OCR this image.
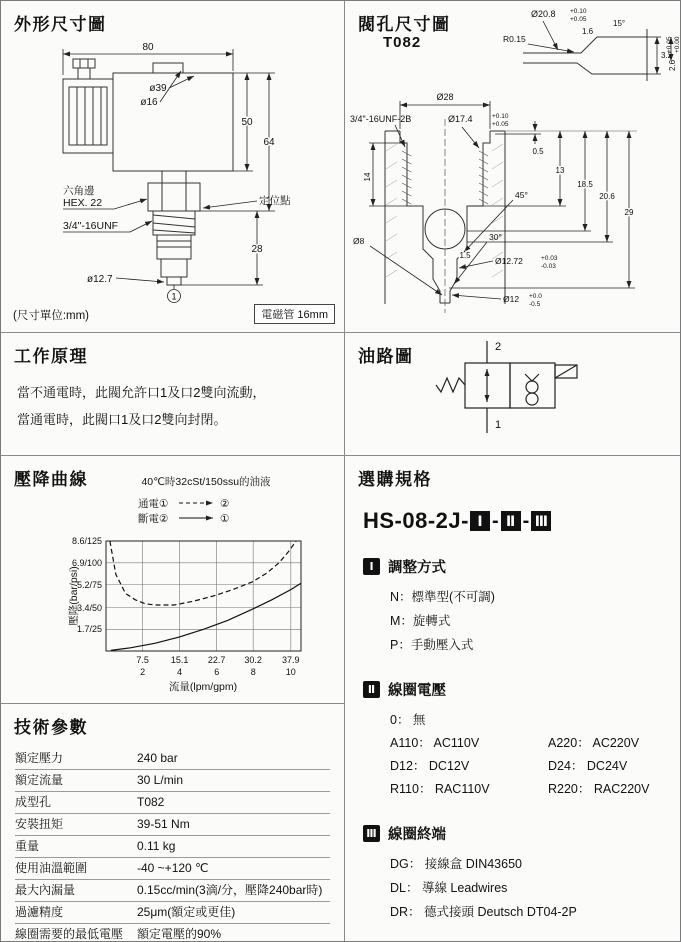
外形尺寸圖
80
ø39
ø16
50
64
28
六角邊
HEX. 22
3/4"-16UNF
定位點
ø12.7
1
(尺寸單位:mm)	電磁管 16mm
閥孔尺寸圖
T082
Ø20.8 +0.10
+0.05
R0.15
1.6
15°
3.2
2.6
+0.05 +0.00
Ø28
3/4"-16UNF-2B	Ø17.4	+0.10
+0.05
14
0.5
13
18.5
20.6
29
Ø8
45°
30°
1.5
Ø12.72	+0.03
-0.03
Ø12 +0.0
-0.5
工作原理
當不通電時，此閥允許口1及口2雙向流動，
當通電時，此閥口1及口2雙向封閉。
油路圖	2
1
壓降曲線	40℃時32cSt/150ssu的油液
通電①	②
斷電②	①
8.6/125
6.9/100
5.2/75
3.4/50
1.7/25
7.5 15.1 22.7 30.2 37.9
2	4	6	8	10
流量(lpm/gpm)
壓降(bar/psi)
技術參數
額定壓力	240 bar
額定流量	30 L/min
成型孔	T082
安裝扭矩	39-51 Nm
重量	0.11 kg
使用油溫範圍	-40 ~+120 ℃
最大內漏量	0.15cc/min(3滴/分，壓降240bar時)
過濾精度	25μm(額定或更佳)
線圈需要的最低電壓	額定電壓的90%
選購規格
HS-08-2J- Ⅰ - Ⅱ - Ⅲ
Ⅰ 調整方式
N：標準型(不可調)
M：旋轉式
P：手動壓入式
Ⅱ 線圈電壓
0： 無
A110： AC110V	A220： AC220V
D12： DC12V	D24： DC24V
R110： RAC110V	R220： RAC220V
Ⅲ 線圈終端
DG： 接線盒 DIN43650
DL： 導線 Leadwires
DR： 德式接頭 Deutsch DT04-2P
